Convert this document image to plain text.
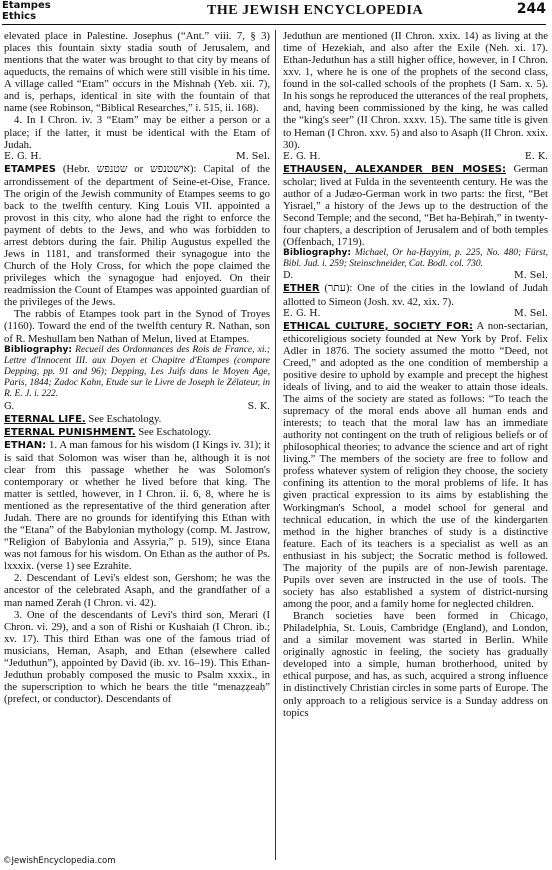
Etampes
Ethics	THE JEWISH ENCYCLOPEDIA	244

elevated place in Palestine. Josephus (“Ant.” viii. 7, § 3) places this fountain sixty stadia south of Jerusalem, and mentions that the water was brought to that city by means of aqueducts, the remains of which were still visible in his time. A village called “Etam” occurs in the Mishnah (Yeb. xii. 7), and is, perhaps, identical in site with the fountain of that name (see Robinson, “Biblical Researches,” i. 515, ii. 168).

4. In I Chron. iv. 3 “Etam” may be either a person or a place; if the latter, it must be identical with the Etam of Judah.

E. G. H.	M. Sel.

ETAMPES (Hebr. שטנפש or אישטנפש): Capital of the arrondissement of the department of Seine-et-Oise, France. The origin of the Jewish community of Etampes seems to go back to the twelfth century. King Louis VII. appointed a provost in this city, who alone had the right to enforce the payment of debts to the Jews, and who was forbidden to arrest debtors during the fair. Philip Augustus expelled the Jews in 1181, and transformed their synagogue into the Church of the Holy Cross, for which the pope claimed the privileges which the synagogue had enjoyed. On their readmission the Count of Etampes was appointed guardian of the privileges of the Jews.

The rabbis of Etampes took part in the Synod of Troyes (1160). Toward the end of the twelfth century R. Nathan, son of R. Meshullam ben Nathan of Melun, lived at Etampes.

Bibliography: Recueil des Ordonnances des Rois de France, xi.; Lettre d'Innocent III. aux Doyen et Chapitre d'Etampes (compare Depping, pp. 91 and 96); Depping, Les Juifs dans le Moyen Age, Paris, 1844; Zadoc Kahn, Etude sur le Livre de Joseph le Zélateur, in R. E. J. i. 222.

G.	S. K.

ETERNAL LIFE. See Eschatology.

ETERNAL PUNISHMENT. See Eschatology.

ETHAN: 1. A man famous for his wisdom (I Kings iv. 31); it is said that Solomon was wiser than he, although it is not clear from this passage whether he was Solomon's contemporary or whether he lived before that king. The matter is settled, however, in I Chron. ii. 6, 8, where he is mentioned as the representative of the third generation after Judah. There are no grounds for identifying this Ethan with the “Etana” of the Babylonian mythology (comp. M. Jastrow, “Religion of Babylonia and Assyria,” p. 519), since Etana was not famous for his wisdom. On Ethan as the author of Ps. lxxxix. (verse 1) see Ezrahite.

2. Descendant of Levi's eldest son, Gershom; he was the ancestor of the celebrated Asaph, and the grandfather of a man named Zerah (I Chron. vi. 42).

3. One of the descendants of Levi's third son, Merari (I Chron. vi. 29), and a son of Rishi or Kushaiah (I Chron. ib.; xv. 17). This third Ethan was one of the famous triad of musicians, Heman, Asaph, and Ethan (elsewhere called “Jeduthun”), appointed by David (ib. xv. 16–19). This Ethan-Jeduthun probably composed the music to Psalm xxxix., in the superscription to which he bears the title “menaẓẓeaḥ” (prefect, or conductor). Descendants of

Jeduthun are mentioned (II Chron. xxix. 14) as living at the time of Hezekiah, and also after the Exile (Neh. xi. 17). Ethan-Jeduthun has a still higher office, however, in I Chron. xxv. 1, where he is one of the prophets of the second class, found in the sol-called schools of the prophets (I Sam. x. 5). In his songs he reproduced the utterances of the real prophets, and, having been commissioned by the king, he was called the “king's seer” (II Chron. xxxv. 15). The same title is given to Heman (I Chron. xxv. 5) and also to Asaph (II Chron. xxix. 30).

E. G. H.	E. K.

ETHAUSEN, ALEXANDER BEN MOSES: German scholar; lived at Fulda in the seventeenth century. He was the author of a Judæo-German work in two parts: the first, “Bet Yisrael,” a history of the Jews up to the destruction of the Second Temple; and the second, “Bet ha-Beḥirah,” in twenty-four chapters, a description of Jerusalem and of both temples (Offenbach, 1719).

Bibliography: Michael, Or ha-Ḥayyim, p. 225, No. 480; Fürst, Bibl. Jud. i. 259; Steinschneider, Cat. Bodl. col. 730.

D.	M. Sel.

ETHER (עתר): One of the cities in the lowland of Judah allotted to Simeon (Josh. xv. 42, xix. 7).

E. G. H.	M. Sel.

ETHICAL CULTURE, SOCIETY FOR: A non-sectarian, ethicoreligious society founded at New York by Prof. Felix Adler in 1876. The society assumed the motto “Deed, not Creed,” and adopted as the one condition of membership a positive desire to uphold by example and precept the highest ideals of living, and to aid the weaker to attain those ideals. The aims of the society are stated as follows: “To teach the supremacy of the moral ends above all human ends and interests; to teach that the moral law has an immediate authority not contingent on the truth of religious beliefs or of philosophical theories; to advance the science and art of right living.” The members of the society are free to follow and profess whatever system of religion they choose, the society confining its attention to the moral problems of life. It has given practical expression to its aims by establishing the Workingman's School, a model school for general and technical education, in which the use of the kindergarten method in the higher branches of study is a distinctive feature. Each of its teachers is a specialist as well as an enthusiast in his subject; the Socratic method is followed. The majority of the pupils are of non-Jewish parentage. Pupils over seven are instructed in the use of tools. The society has also established a system of district-nursing among the poor, and a family home for neglected children.

Branch societies have been formed in Chicago, Philadelphia, St. Louis, Cambridge (England), and London, and a similar movement was started in Berlin. While originally agnostic in feeling, the society has gradually developed into a simple, human brotherhood, united by ethical purpose, and has, as such, acquired a strong influence in distinctively Christian circles in some parts of Europe. The only approach to a religious service is a Sunday address on topics

©JewishEncyclopedia.com
